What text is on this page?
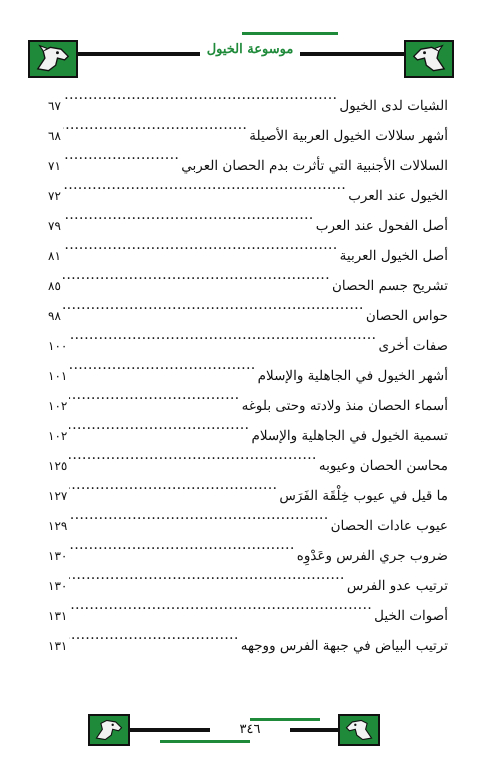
موسوعة الخيول
الشيات لدى الخيول
.....
٦٧
أشهر سلالات الخيول العربية الأصيلة
.....
٦٨
السلالات الأجنبية التي تأثرت بدم الحصان العربي
.....
٧١
الخيول عند العرب
.....
٧٢
أصل الفحول عند العرب
.....
٧٩
أصل الخيول العربية
.....
٨١
تشريح جسم الحصان
.....
٨٥
حواس الحصان
.....
٩٨
صفات أخرى
.....
١٠٠
أشهر الخيول في الجاهلية والإسلام
.....
١٠١
أسماء الحصان منذ ولادته وحتى بلوغه
.....
١٠٢
تسمية الخيول في الجاهلية والإسلام
.....
١٠٢
محاسن الحصان وعيوبه
.....
١٢٥
ما قيل في عيوب خِلْقَة الفَرَس
.....
١٢٧
عيوب عادات الحصان
.....
١٢٩
ضروب جري الفرس وعَدْوِه
.....
١٣٠
ترتيب عدو الفرس
.....
١٣٠
أصوات الخيل
.....
١٣١
ترتيب البياض في جبهة الفرس ووجهه
.....
١٣١
٣٤٦
